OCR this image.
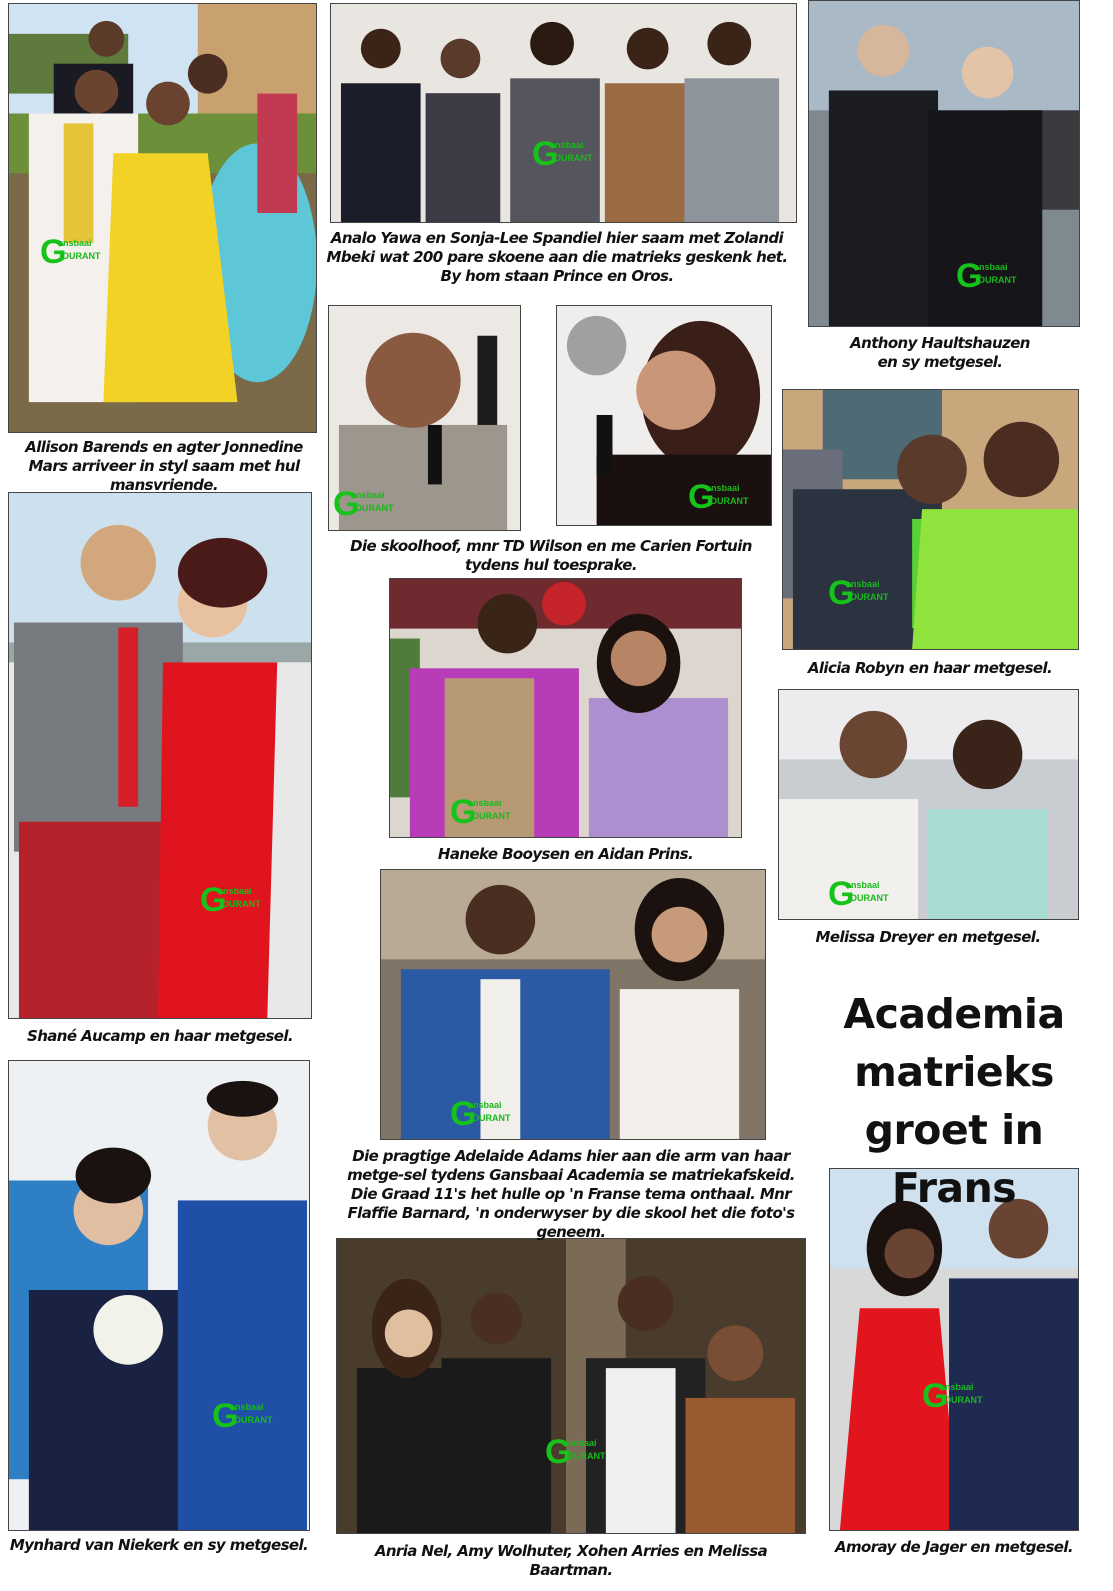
G
ansbaai
OURANT
G
ansbaai
OURANT
G
ansbaai
OURANT
G
ansbaai
OURANT	G
ansbaai
OURANT
G
ansbaai
OURANT
G
ansbaai
OURANT
G
ansbaai
OURANT
G
ansbaai
OURANT
G
ansbaai
OURANT
G
ansbaai
OURANT
G
ansbaai
OURANT
G
ansbaai
OURANT
Allison Barends en agter Jonnedine Mars arriveer in styl saam met hul mansvriende.
Analo Yawa en Sonja-Lee Spandiel hier saam met Zolandi Mbeki wat 200 pare skoene aan die matrieks geskenk het. By hom staan Prince en Oros.
Anthony Haultshauzen en sy metgesel.
Die skoolhoof, mnr TD Wilson en me Carien Fortuin tydens hul toesprake.
Alicia Robyn en haar metgesel.
Shané Aucamp en haar metgesel.
Haneke Booysen en Aidan Prins.
Melissa Dreyer en metgesel.
Die pragtige Adelaide Adams hier aan die arm van haar metge-sel tydens Gansbaai Academia se matriekafskeid. Die Graad 11's het hulle op 'n Franse tema onthaal. Mnr Flaffie Barnard, 'n onderwyser by die skool het die foto's geneem.
Mynhard van Niekerk en sy metgesel.	Anria Nel, Amy Wolhuter, Xohen Arries en Melissa Baartman.
Amoray de Jager en metgesel.
Academia
matrieks
groet in Frans
